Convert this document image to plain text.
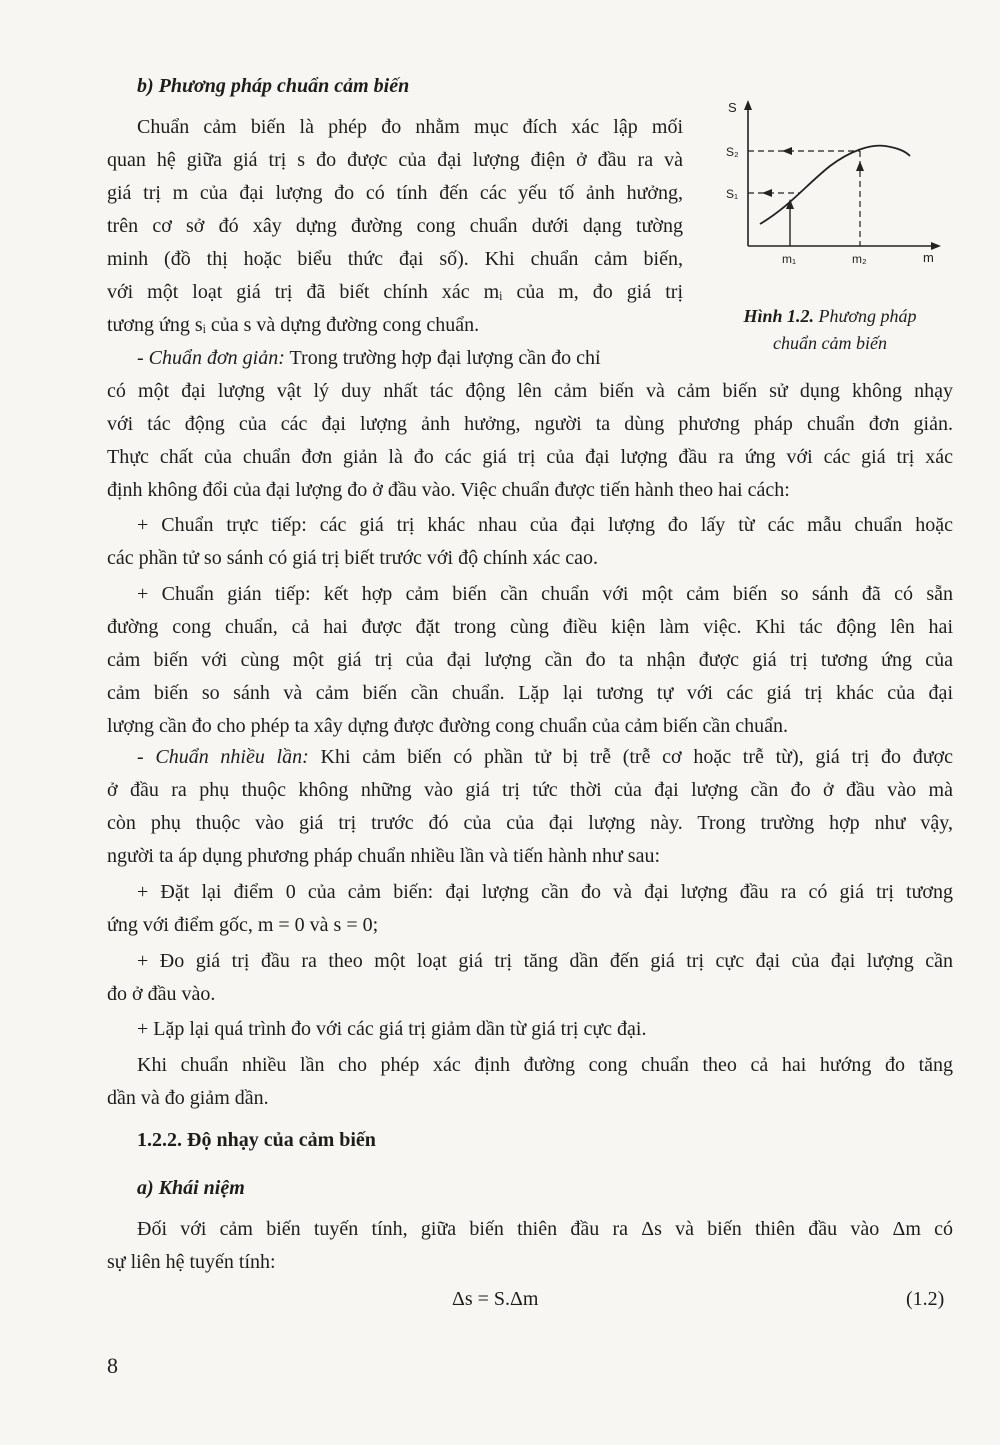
b) Phương pháp chuẩn cảm biến
Chuẩn cảm biến là phép đo nhằm mục đích xác lập mối
quan hệ giữa giá trị s đo được của đại lượng điện ở đầu ra và
giá trị m của đại lượng đo có tính đến các yếu tố ảnh hưởng,
trên cơ sở đó xây dựng đường cong chuẩn dưới dạng tường
minh (đồ thị hoặc biểu thức đại số). Khi chuẩn cảm biến,
với một loạt giá trị đã biết chính xác mᵢ của m, đo giá trị
tương ứng sᵢ của s và dựng đường cong chuẩn.
S
S₂
S₁
m₁	m₂	m
Hình 1.2. Phương pháp
chuẩn cảm biến
- Chuẩn đơn giản: Trong trường hợp đại lượng cần đo chỉ
có một đại lượng vật lý duy nhất tác động lên cảm biến và cảm biến sử dụng không nhạy
với tác động của các đại lượng ảnh hưởng, người ta dùng phương pháp chuẩn đơn giản.
Thực chất của chuẩn đơn giản là đo các giá trị của đại lượng đầu ra ứng với các giá trị xác
định không đổi của đại lượng đo ở đầu vào. Việc chuẩn được tiến hành theo hai cách:
+ Chuẩn trực tiếp: các giá trị khác nhau của đại lượng đo lấy từ các mẫu chuẩn hoặc
các phần tử so sánh có giá trị biết trước với độ chính xác cao.
+ Chuẩn gián tiếp: kết hợp cảm biến cần chuẩn với một cảm biến so sánh đã có sẵn
đường cong chuẩn, cả hai được đặt trong cùng điều kiện làm việc. Khi tác động lên hai
cảm biến với cùng một giá trị của đại lượng cần đo ta nhận được giá trị tương ứng của
cảm biến so sánh và cảm biến cần chuẩn. Lặp lại tương tự với các giá trị khác của đại
lượng cần đo cho phép ta xây dựng được đường cong chuẩn của cảm biến cần chuẩn.
- Chuẩn nhiều lần: Khi cảm biến có phần tử bị trễ (trễ cơ hoặc trễ từ), giá trị đo được
ở đầu ra phụ thuộc không những vào giá trị tức thời của đại lượng cần đo ở đầu vào mà
còn phụ thuộc vào giá trị trước đó của của đại lượng này. Trong trường hợp như vậy,
người ta áp dụng phương pháp chuẩn nhiều lần và tiến hành như sau:
+ Đặt lại điểm 0 của cảm biến: đại lượng cần đo và đại lượng đầu ra có giá trị tương
ứng với điểm gốc, m = 0 và s = 0;
+ Đo giá trị đầu ra theo một loạt giá trị tăng dần đến giá trị cực đại của đại lượng cần
đo ở đầu vào.
+ Lặp lại quá trình đo với các giá trị giảm dần từ giá trị cực đại.
Khi chuẩn nhiều lần cho phép xác định đường cong chuẩn theo cả hai hướng đo tăng
dần và đo giảm dần.
1.2.2. Độ nhạy của cảm biến
a) Khái niệm
Đối với cảm biến tuyến tính, giữa biến thiên đầu ra Δs và biến thiên đầu vào Δm có
sự liên hệ tuyến tính:
Δs = S.Δm	(1.2)
8
